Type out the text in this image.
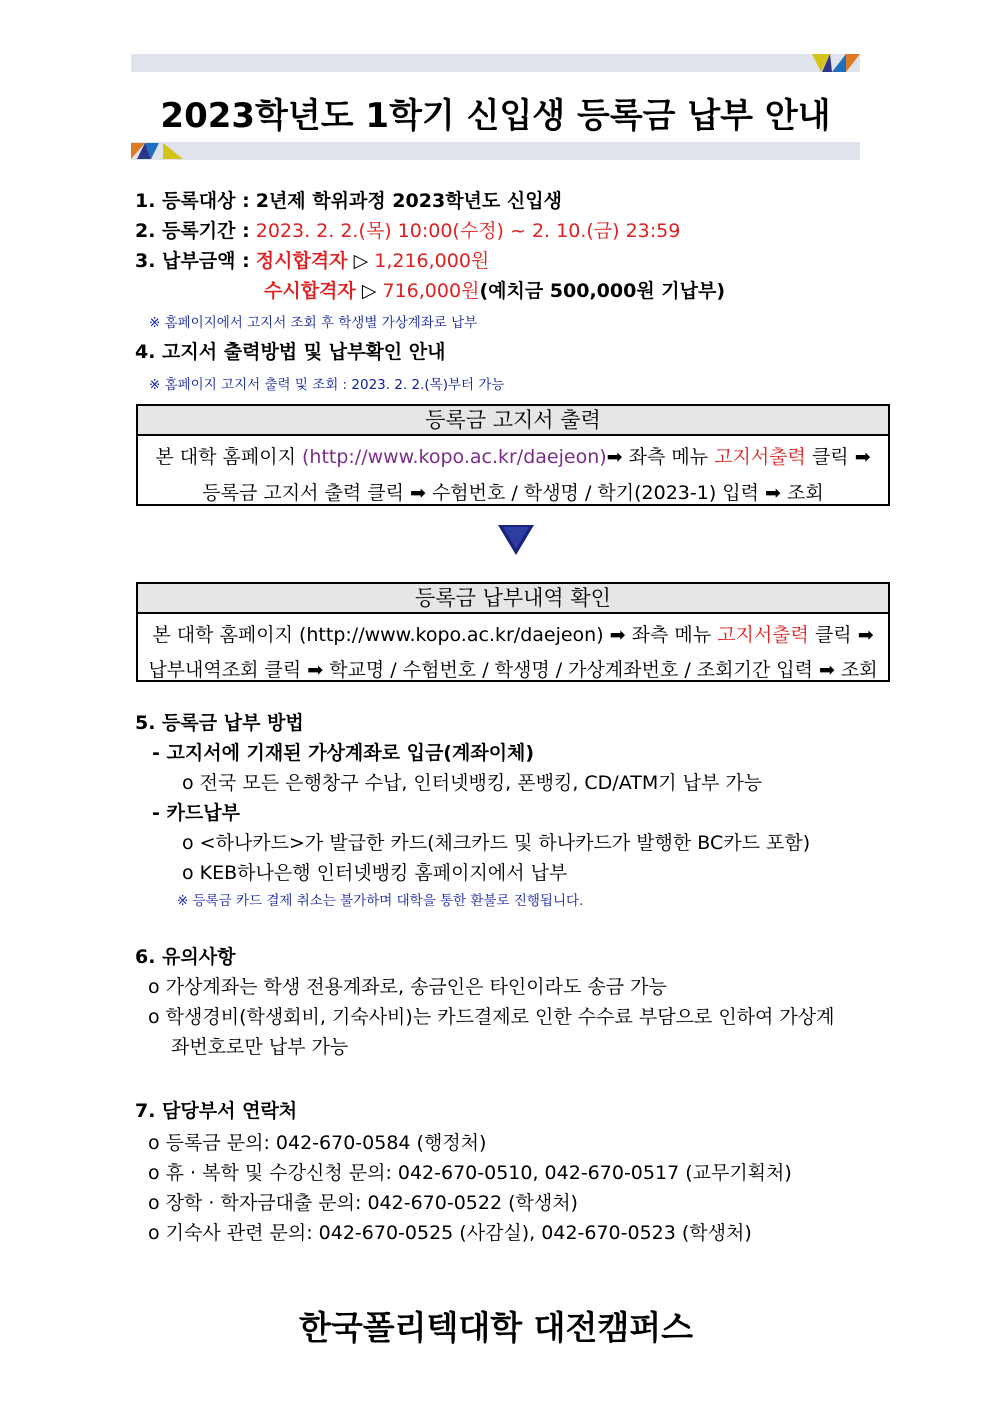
2023학년도 1학기 신입생 등록금 납부 안내
1. 등록대상 : 2년제 학위과정 2023학년도 신입생
2. 등록기간 : 2023. 2. 2.(목) 10:00(수정) ~ 2. 10.(금) 23:59
3. 납부금액 : 정시합격자 ▷ 1,216,000원
수시합격자 ▷ 716,000원(예치금 500,000원 기납부)
※ 홈페이지에서 고지서 조회 후 학생별 가상계좌로 납부
4. 고지서 출력방법 및 납부확인 안내
※ 홈페이지 고지서 출력 및 조회 : 2023. 2. 2.(목)부터 가능
등록금 고지서 출력
본 대학 홈페이지 (http://www.kopo.ac.kr/daejeon)➡ 좌측 메뉴 고지서출력 클릭 ➡
등록금 고지서 출력 클릭 ➡ 수험번호 / 학생명 / 학기(2023-1) 입력 ➡ 조회
등록금 납부내역 확인
본 대학 홈페이지 (http://www.kopo.ac.kr/daejeon) ➡ 좌측 메뉴 고지서출력 클릭 ➡
납부내역조회 클릭 ➡ 학교명 / 수험번호 / 학생명 / 가상계좌번호 / 조회기간 입력 ➡ 조회
5. 등록금 납부 방법
- 고지서에 기재된 가상계좌로 입금(계좌이체)
o 전국 모든 은행창구 수납, 인터넷뱅킹, 폰뱅킹, CD/ATM기 납부 가능
- 카드납부
o <하나카드>가 발급한 카드(체크카드 및 하나카드가 발행한 BC카드 포함)
o KEB하나은행 인터넷뱅킹 홈페이지에서 납부
※ 등록금 카드 결제 취소는 불가하며 대학을 통한 환불로 진행됩니다.
6. 유의사항
o 가상계좌는 학생 전용계좌로, 송금인은 타인이라도 송금 가능
o 학생경비(학생회비, 기숙사비)는 카드결제로 인한 수수료 부담으로 인하여 가상계
좌번호로만 납부 가능
7. 담당부서 연락처
o 등록금 문의: 042-670-0584 (행정처)
o 휴 · 복학 및 수강신청 문의: 042-670-0510, 042-670-0517 (교무기획처)
o 장학 · 학자금대출 문의: 042-670-0522 (학생처)
o 기숙사 관련 문의: 042-670-0525 (사감실), 042-670-0523 (학생처)
한국폴리텍대학 대전캠퍼스
